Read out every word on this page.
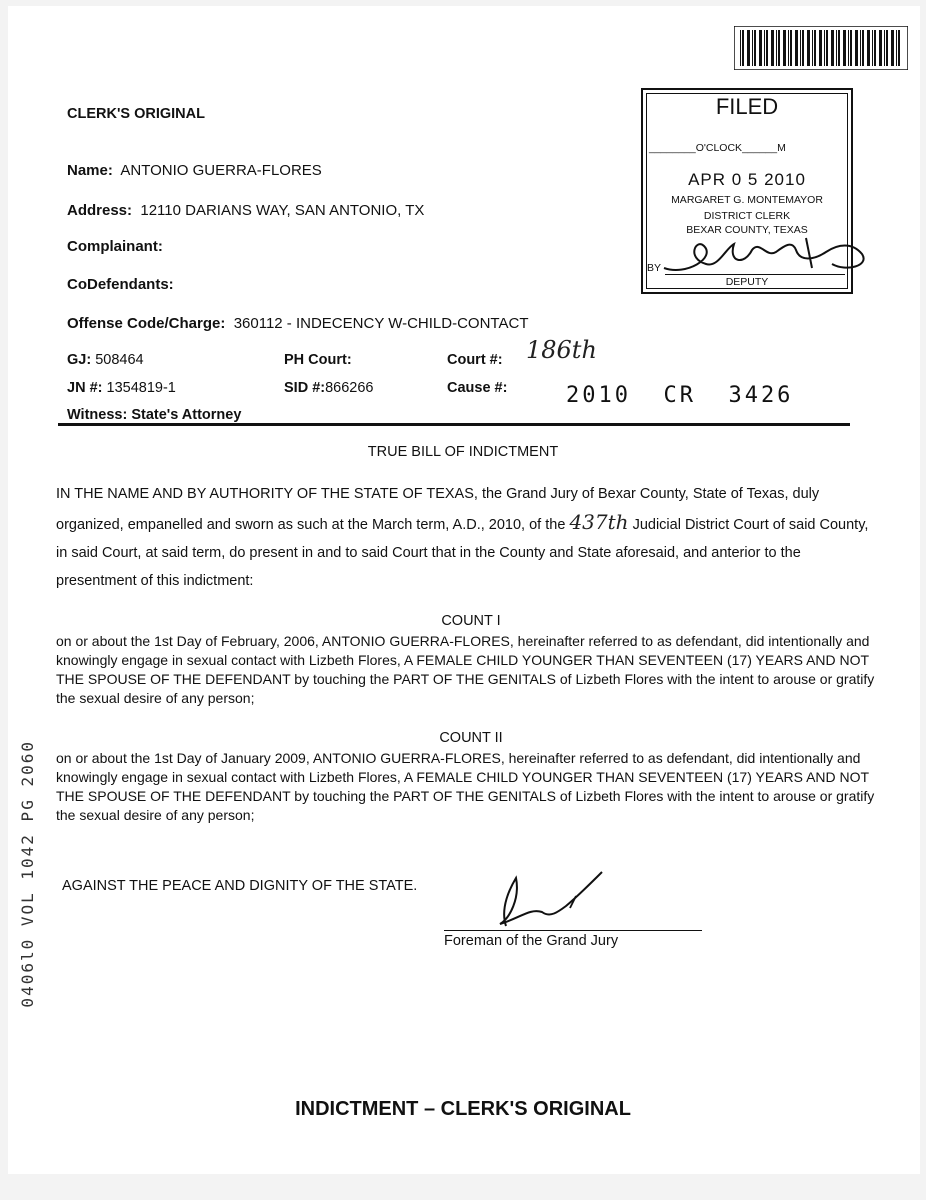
CLERK'S ORIGINAL
Name: ANTONIO GUERRA-FLORES
Address: 12110 DARIANS WAY, SAN ANTONIO, TX
Complainant:
CoDefendants:
Offense Code/Charge: 360112 - INDECENCY W-CHILD-CONTACT
GJ: 508464	PH Court:	Court #: 186th
JN #: 1354819-1	SID #:866266	Cause #:	2010  CR  3426
Witness: State's Attorney
FILED
________O'CLOCK______M
APR 0 5 2010
MARGARET G. MONTEMAYOR
DISTRICT CLERK
BEXAR COUNTY, TEXAS
BY
DEPUTY
TRUE BILL OF INDICTMENT
IN THE NAME AND BY AUTHORITY OF THE STATE OF TEXAS, the Grand Jury of Bexar County, State of Texas, duly organized, empanelled and sworn as such at the March term, A.D., 2010, of the 437th Judicial District Court of said County, in said Court, at said term, do present in and to said Court that in the County and State aforesaid, and anterior to the presentment of this indictment:
COUNT I
on or about the 1st Day of February, 2006, ANTONIO GUERRA-FLORES, hereinafter referred to as defendant, did intentionally and knowingly engage in sexual contact with Lizbeth Flores, A FEMALE CHILD YOUNGER THAN SEVENTEEN (17) YEARS AND NOT THE SPOUSE OF THE DEFENDANT by touching the PART OF THE GENITALS of Lizbeth Flores with the intent to arouse or gratify the sexual desire of any person;
COUNT II
on or about the 1st Day of January 2009, ANTONIO GUERRA-FLORES, hereinafter referred to as defendant, did intentionally and knowingly engage in sexual contact with Lizbeth Flores, A FEMALE CHILD YOUNGER THAN SEVENTEEN (17) YEARS AND NOT THE SPOUSE OF THE DEFENDANT by touching the PART OF THE GENITALS of Lizbeth Flores with the intent to arouse or gratify the sexual desire of any person;
AGAINST THE PEACE AND DIGNITY OF THE STATE.
Foreman of the Grand Jury
0406l0 VOL 1042 PG 2060
INDICTMENT – CLERK'S ORIGINAL
